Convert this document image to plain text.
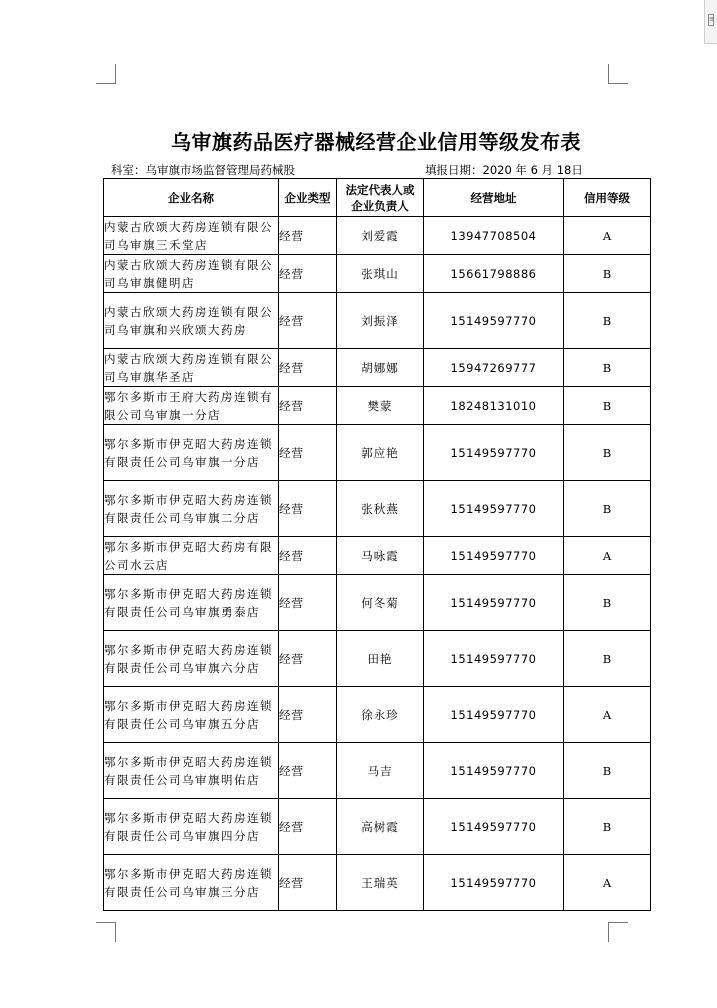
≡
乌审旗药品医疗器械经营企业信用等级发布表
科室：乌审旗市场监督管理局药械股	填报日期：2020 年 6 月 18日
企业名称	企业类型	法定代表人或企业负责人	经营地址	信用等级
内蒙古欣颂大药房连锁有限公司乌审旗三禾堂店	经营	刘爱霞	13947708504	A
内蒙古欣颂大药房连锁有限公司乌审旗健明店	经营	张琪山	15661798886	B
内蒙古欣颂大药房连锁有限公司乌审旗和兴欣颂大药房	经营	刘振泽	15149597770	B
内蒙古欣颂大药房连锁有限公司乌审旗华圣店	经营	胡娜娜	15947269777	B
鄂尔多斯市王府大药房连锁有限公司乌审旗一分店	经营	樊蒙	18248131010	B
鄂尔多斯市伊克昭大药房连锁有限责任公司乌审旗一分店	经营	郭应艳	15149597770	B
鄂尔多斯市伊克昭大药房连锁有限责任公司乌审旗二分店	经营	张秋燕	15149597770	B
鄂尔多斯市伊克昭大药房有限公司水云店	经营	马咏霞	15149597770	A
鄂尔多斯市伊克昭大药房连锁有限责任公司乌审旗勇泰店	经营	何冬菊	15149597770	B
鄂尔多斯市伊克昭大药房连锁有限责任公司乌审旗六分店	经营	田艳	15149597770	B
鄂尔多斯市伊克昭大药房连锁有限责任公司乌审旗五分店	经营	徐永珍	15149597770	A
鄂尔多斯市伊克昭大药房连锁有限责任公司乌审旗明佑店	经营	马吉	15149597770	B
鄂尔多斯市伊克昭大药房连锁有限责任公司乌审旗四分店	经营	高树霞	15149597770	B
鄂尔多斯市伊克昭大药房连锁有限责任公司乌审旗三分店	经营	王瑞英	15149597770	A
